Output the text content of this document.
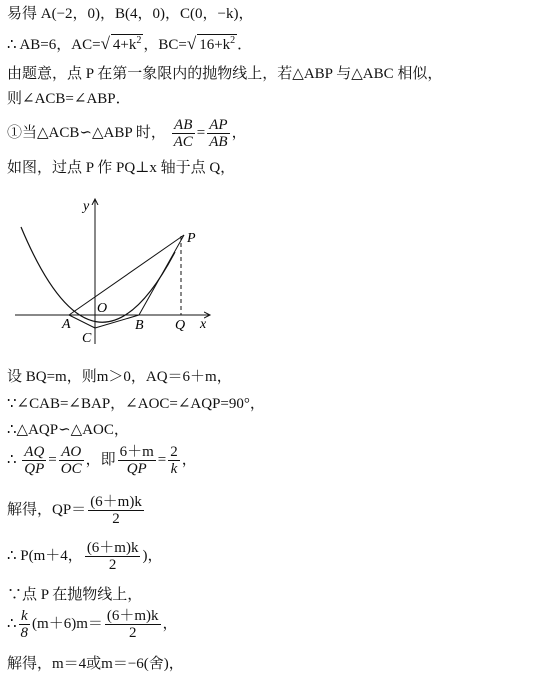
易得 A(−2，0)，B(4，0)，C(0，−k)，
∴ AB=6，AC=√ $4+k^2$ ，BC=√ $16+k^2$ ．
由题意，点 P 在第一象限内的抛物线上，若△ABP 与△ABC 相似，
则∠ACB=∠ABP．
①当△ACB∽△ABP 时， $\frac{AB}{AC} = \frac{AP}{AB}$ ，
如图，过点 P 作 PQ⊥x 轴于点 Q，
y
x
O
A	B
C
P
Q
设 BQ=m，则m＞0，AQ＝6＋m，
∵∠CAB=∠BAP，∠AOC=∠AQP=90°，
∴△AQP∽△AOC，
∴ $\frac{AQ}{QP} = \frac{AO}{OC}$ ，即 $\frac{6+m}{QP} = \frac{2}{k}$ ，
解得，$QP= \frac{(6+m)k}{2}$
∴ P(m＋4， $\frac{(6+m)k}{2}$ )，
∵点 P 在抛物线上，
∴ $\frac{k}{8} (m+6)m= \frac{(6+m)k}{2}$ ，
解得，m＝4或m＝−6(舍)，
